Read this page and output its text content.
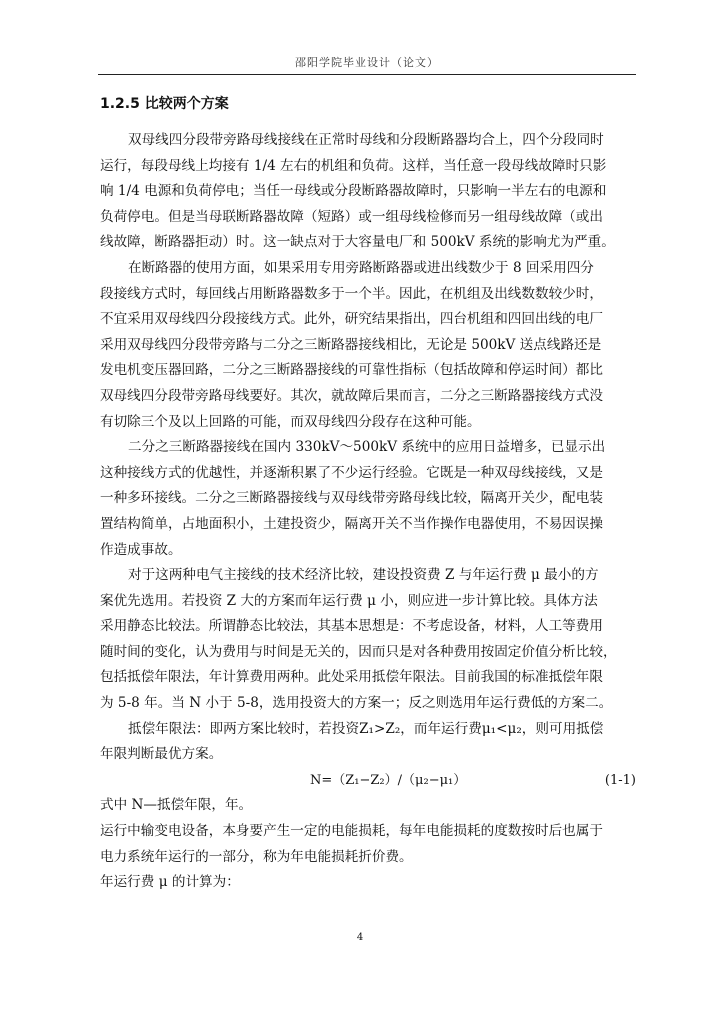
邵阳学院毕业设计（论文）
1.2.5 比较两个方案
双母线四分段带旁路母线接线在正常时母线和分段断路器均合上，四个分段同时
运行，每段母线上均接有 1/4 左右的机组和负荷。这样，当任意一段母线故障时只影
响 1/4 电源和负荷停电；当任一母线或分段断路器故障时，只影响一半左右的电源和
负荷停电。但是当母联断路器故障（短路）或一组母线检修而另一组母线故障（或出
线故障，断路器拒动）时。这一缺点对于大容量电厂和 500kV 系统的影响尤为严重。
在断路器的使用方面，如果采用专用旁路断路器或进出线数少于 8 回采用四分
段接线方式时，每回线占用断路器数多于一个半。因此，在机组及出线数数较少时，
不宜采用双母线四分段接线方式。此外，研究结果指出，四台机组和四回出线的电厂
采用双母线四分段带旁路与二分之三断路器接线相比，无论是 500kV 送点线路还是
发电机变压器回路，二分之三断路器接线的可靠性指标（包括故障和停运时间）都比
双母线四分段带旁路母线要好。其次，就故障后果而言，二分之三断路器接线方式没
有切除三个及以上回路的可能，而双母线四分段存在这种可能。
二分之三断路器接线在国内 330kV～500kV 系统中的应用日益增多，已显示出
这种接线方式的优越性，并逐渐积累了不少运行经验。它既是一种双母线接线，又是
一种多环接线。二分之三断路器接线与双母线带旁路母线比较，隔离开关少，配电装
置结构简单，占地面积小，土建投资少，隔离开关不当作操作电器使用，不易因误操
作造成事故。
对于这两种电气主接线的技术经济比较，建设投资费 Z 与年运行费 μ 最小的方
案优先选用。若投资 Z 大的方案而年运行费 μ 小，则应进一步计算比较。具体方法
采用静态比较法。所谓静态比较法，其基本思想是：不考虑设备，材料，人工等费用
随时间的变化，认为费用与时间是无关的，因而只是对各种费用按固定价值分析比较，
包括抵偿年限法，年计算费用两种。此处采用抵偿年限法。目前我国的标准抵偿年限
为 5-8 年。当 N 小于 5-8，选用投资大的方案一；反之则选用年运行费低的方案二。
抵偿年限法：即两方案比较时，若投资Z₁>Z₂，而年运行费μ₁<μ₂，则可用抵偿
年限判断最优方案。
N=（Z₁−Z₂）/（μ₂−μ₁）	(1-1)
式中 N—抵偿年限，年。
运行中输变电设备，本身要产生一定的电能损耗，每年电能损耗的度数按时后也属于
电力系统年运行的一部分，称为年电能损耗折价费。
年运行费 μ 的计算为：
4
